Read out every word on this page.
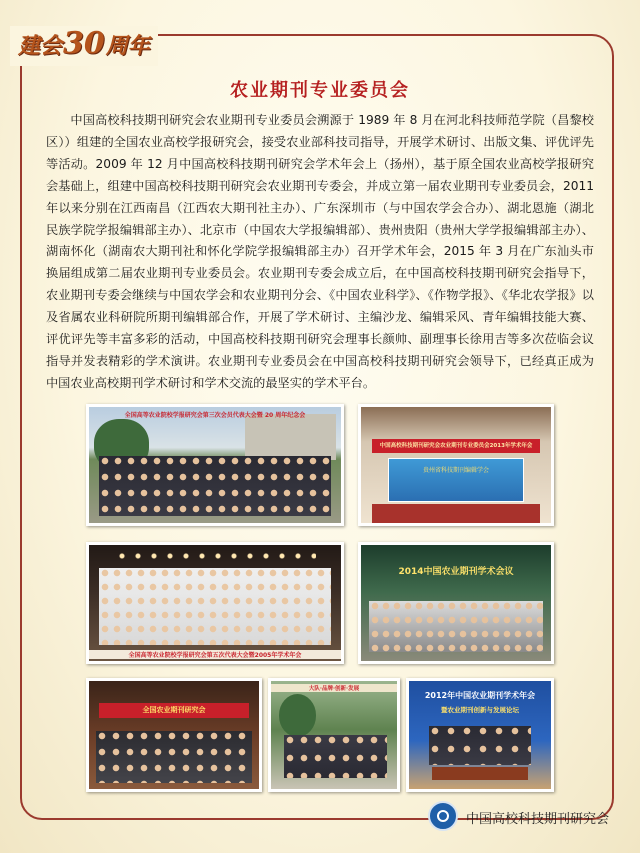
建会 30 周年
农业期刊专业委员会

中国高校科技期刊研究会农业期刊专业委员会溯源于 1989 年 8 月在河北科技师范学院（昌黎校区））组建的全国农业高校学报研究会，接受农业部科技司指导，开展学术研讨、出版文集、评优评先等活动。2009 年 12 月中国高校科技期刊研究会学术年会上（扬州），基于原全国农业高校学报研究会基础上，组建中国高校科技期刊研究会农业期刊专委会，并成立第一届农业期刊专业委员会，2011 年以来分别在江西南昌（江西农大期刊社主办）、广东深圳市（与中国农学会合办）、湖北恩施（湖北民族学院学报编辑部主办）、北京市（中国农大学报编辑部）、贵州贵阳（贵州大学学报编辑部主办）、湖南怀化（湖南农大期刊社和怀化学院学报编辑部主办）召开学术年会，2015 年 3 月在广东汕头市换届组成第二届农业期刊专业委员会。农业期刊专委会成立后，在中国高校科技期刊研究会指导下，农业期刊专委会继续与中国农学会和农业期刊分会、《中国农业科学》、《作物学报》、《华北农学报》以及省属农业科研院所期刊编辑部合作，开展了学术研讨、主编沙龙、编辑采风、青年编辑技能大赛、评优评先等丰富多彩的活动，中国高校科技期刊研究会理事长颜帅、副理事长徐用吉等多次莅临会议指导并发表精彩的学术演讲。农业期刊专业委员会在中国高校科技期刊研究会领导下，已经真正成为中国农业高校期刊学术研讨和学术交流的最坚实的学术平台。

全国高等农业院校学报研究会第三次会员代表大会暨 20 周年纪念会
中国高校科技期刊研究会农业期刊专业委员会2013年学术年会
贵州省科技期刊编辑学会
全国高等农业院校学报研究会第五次代表大会暨2005年学术年会
2014中国农业期刊学术会议
全国农业期刊研究会
大队·品牌·创新·发展
2012年中国农业期刊学术年会
暨农业期刊创新与发展论坛
中国高校科技期刊研究会
